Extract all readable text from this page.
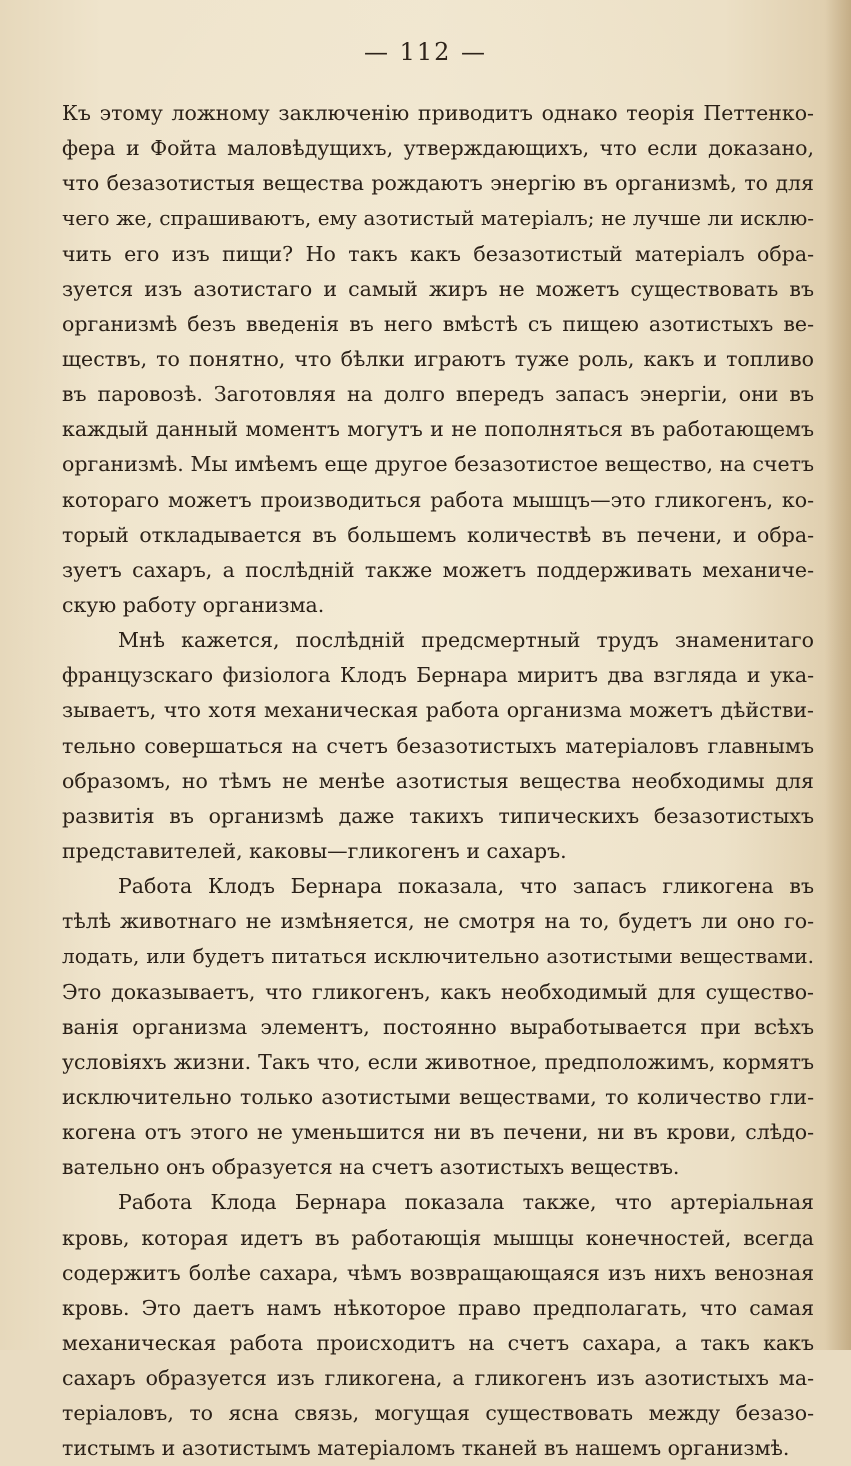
— 112 —
Къ этому ложному заключенію приводитъ однако теорія Петтенко-
фера и Фойта маловѣдущихъ, утверждающихъ, что если доказано,
что безазотистыя вещества рождаютъ энергію въ организмѣ, то для
чего же, спрашиваютъ, ему азотистый матеріалъ; не лучше ли исклю-
чить его изъ пищи? Но такъ какъ безазотистый матеріалъ обра-
зуется изъ азотистаго и самый жиръ не можетъ существовать въ
организмѣ безъ введенія въ него вмѣстѣ съ пищею азотистыхъ ве-
ществъ, то понятно, что бѣлки играютъ туже роль, какъ и топливо
въ паровозѣ. Заготовляя на долго впередъ запасъ энергіи, они въ
каждый данный моментъ могутъ и не пополняться въ работающемъ
организмѣ. Мы имѣемъ еще другое безазотистое вещество, на счетъ
котораго можетъ производиться работа мышцъ—это гликогенъ, ко-
торый откладывается въ большемъ количествѣ въ печени, и обра-
зуетъ сахаръ, а послѣдній также можетъ поддерживать механиче-
скую работу организма.
Мнѣ кажется, послѣдній предсмертный трудъ знаменитаго
французскаго физіолога Клодъ Бернара миритъ два взгляда и ука-
зываетъ, что хотя механическая работа организма можетъ дѣйстви-
тельно совершаться на счетъ безазотистыхъ матеріаловъ главнымъ
образомъ, но тѣмъ не менѣе азотистыя вещества необходимы для
развитія въ организмѣ даже такихъ типическихъ безазотистыхъ
представителей, каковы—гликогенъ и сахаръ.
Работа Клодъ Бернара показала, что запасъ гликогена въ
тѣлѣ животнаго не измѣняется, не смотря на то, будетъ ли оно го-
лодать, или будетъ питаться исключительно азотистыми веществами.
Это доказываетъ, что гликогенъ, какъ необходимый для существо-
ванія организма элементъ, постоянно выработывается при всѣхъ
условіяхъ жизни. Такъ что, если животное, предположимъ, кормятъ
исключительно только азотистыми веществами, то количество гли-
когена отъ этого не уменьшится ни въ печени, ни въ крови, слѣдо-
вательно онъ образуется на счетъ азотистыхъ веществъ.
Работа Клода Бернара показала также, что артеріальная
кровь, которая идетъ въ работающія мышцы конечностей, всегда
содержитъ болѣе сахара, чѣмъ возвращающаяся изъ нихъ венозная
кровь. Это даетъ намъ нѣкоторое право предполагать, что самая
механическая работа происходитъ на счетъ сахара, а такъ какъ
сахаръ образуется изъ гликогена, а гликогенъ изъ азотистыхъ ма-
теріаловъ, то ясна связь, могущая существовать между безазо-
тистымъ и азотистымъ матеріаломъ тканей въ нашемъ организмѣ.
